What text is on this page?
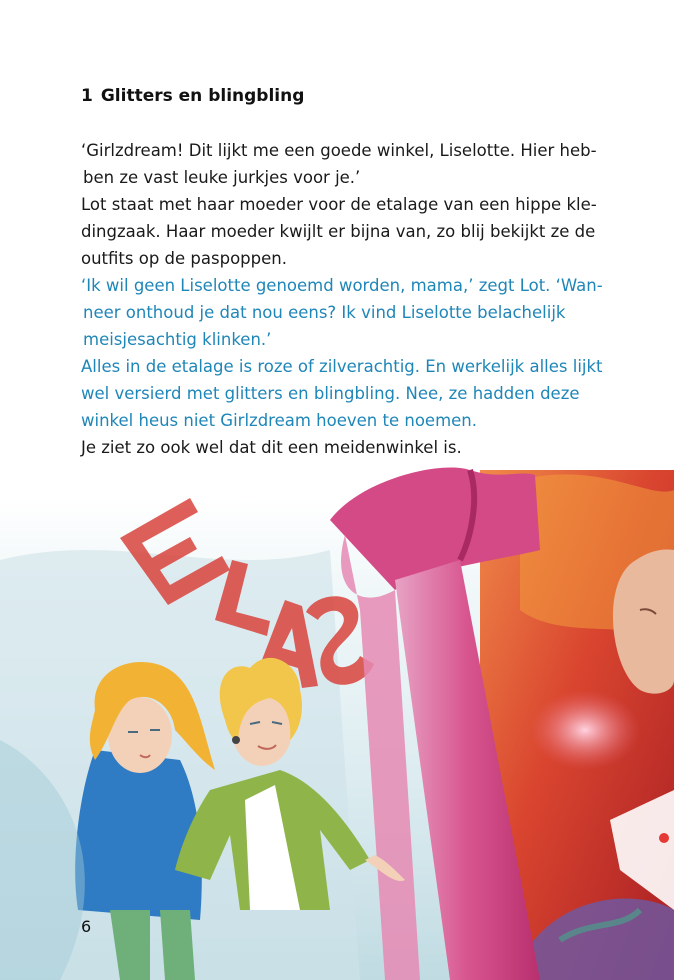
1 Glitters en blingbling
‘Girlzdream! Dit lijkt me een goede winkel, Liselotte. Hier heb-
ben ze vast leuke jurkjes voor je.’
Lot staat met haar moeder voor de etalage van een hippe kle-
dingzaak. Haar moeder kwijlt er bijna van, zo blij bekijkt ze de
outfits op de paspoppen.
‘Ik wil geen Liselotte genoemd worden, mama,’ zegt Lot. ‘Wan-
neer onthoud je dat nou eens? Ik vind Liselotte belachelijk
meisjesachtig klinken.’
Alles in de etalage is roze of zilverachtig. En werkelijk alles lijkt
wel versierd met glitters en blingbling. Nee, ze hadden deze
winkel heus niet Girlzdream hoeven te noemen.
Je ziet zo ook wel dat dit een meidenwinkel is.
6
